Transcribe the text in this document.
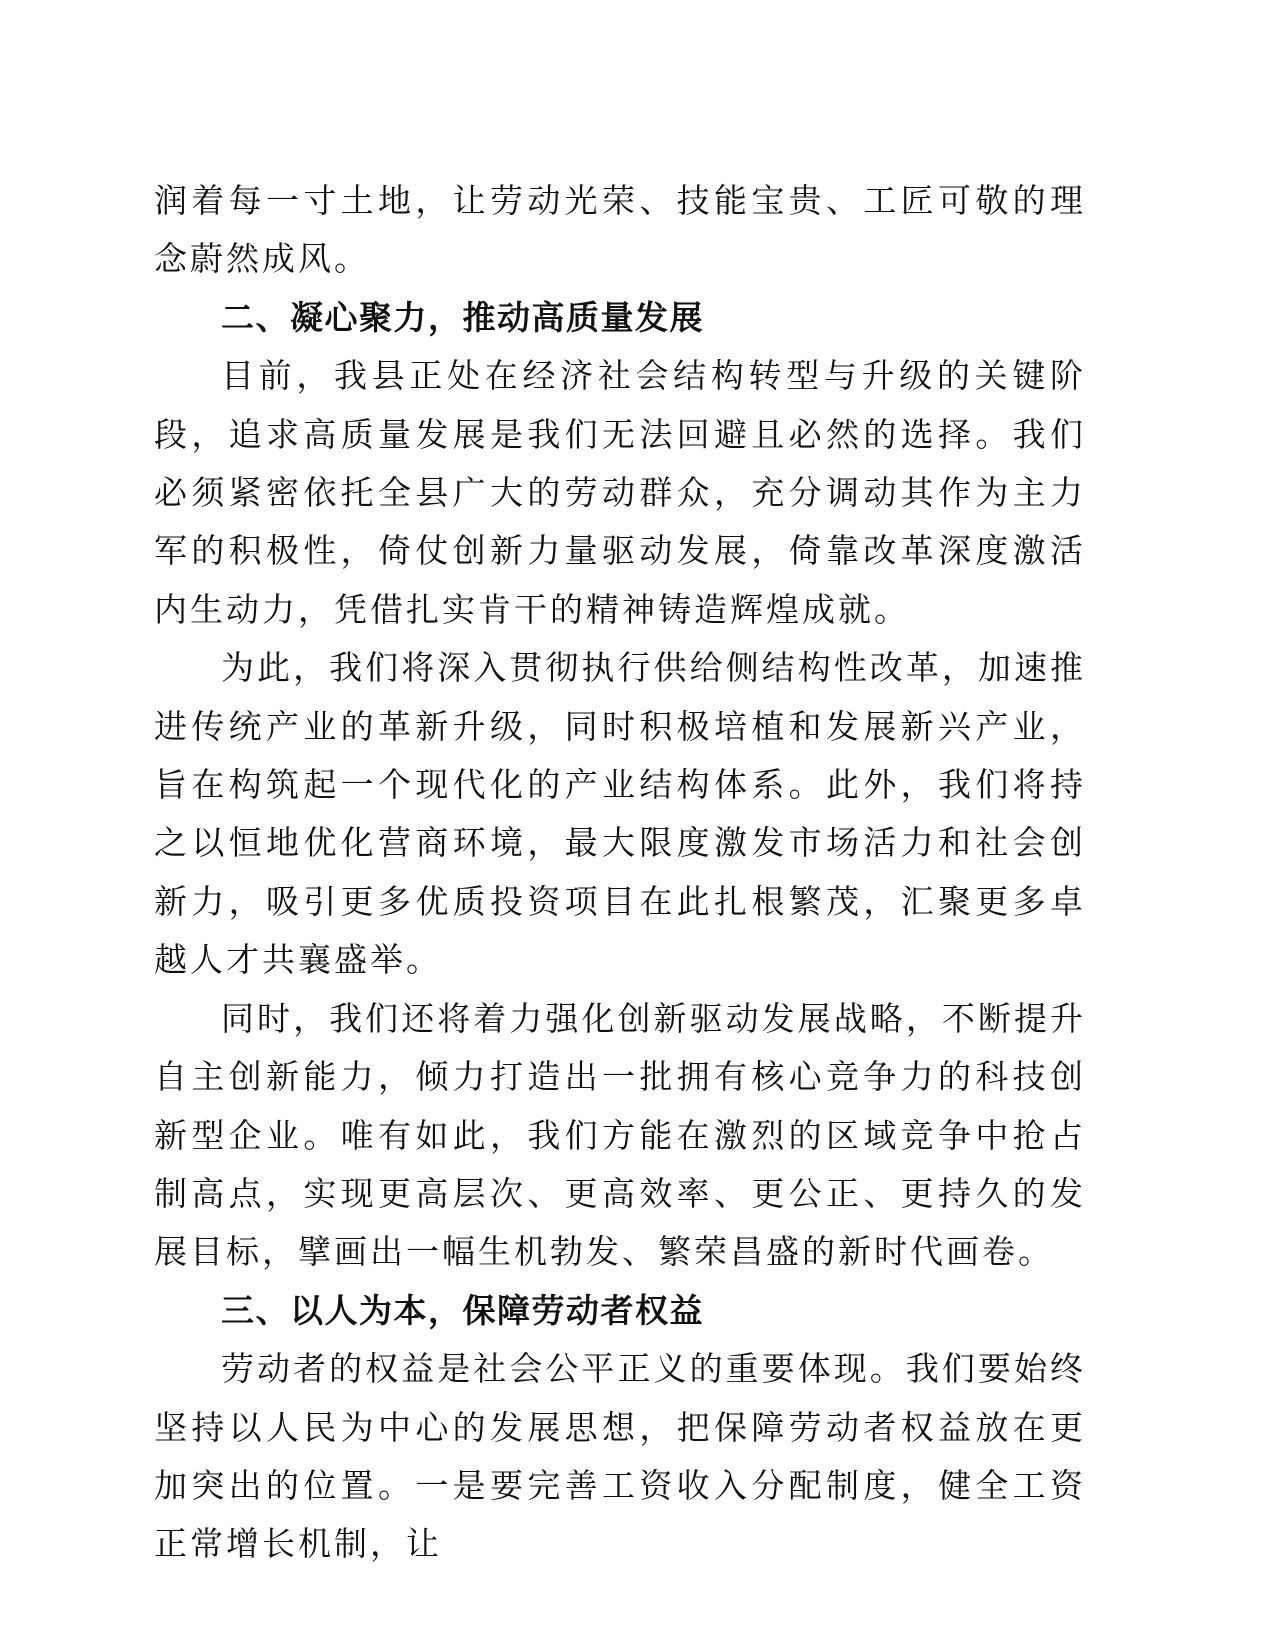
润着每一寸土地，让劳动光荣、技能宝贵、工匠可敬的理念蔚然成风。

二、凝心聚力，推动高质量发展

目前，我县正处在经济社会结构转型与升级的关键阶段，追求高质量发展是我们无法回避且必然的选择。我们必须紧密依托全县广大的劳动群众，充分调动其作为主力军的积极性，倚仗创新力量驱动发展，倚靠改革深度激活内生动力，凭借扎实肯干的精神铸造辉煌成就。

为此，我们将深入贯彻执行供给侧结构性改革，加速推进传统产业的革新升级，同时积极培植和发展新兴产业，旨在构筑起一个现代化的产业结构体系。此外，我们将持之以恒地优化营商环境，最大限度激发市场活力和社会创新力，吸引更多优质投资项目在此扎根繁茂，汇聚更多卓越人才共襄盛举。

同时，我们还将着力强化创新驱动发展战略，不断提升自主创新能力，倾力打造出一批拥有核心竞争力的科技创新型企业。唯有如此，我们方能在激烈的区域竞争中抢占制高点，实现更高层次、更高效率、更公正、更持久的发展目标，擘画出一幅生机勃发、繁荣昌盛的新时代画卷。

三、以人为本，保障劳动者权益

劳动者的权益是社会公平正义的重要体现。我们要始终坚持以人民为中心的发展思想，把保障劳动者权益放在更加突出的位置。一是要完善工资收入分配制度，健全工资正常增长机制，让
